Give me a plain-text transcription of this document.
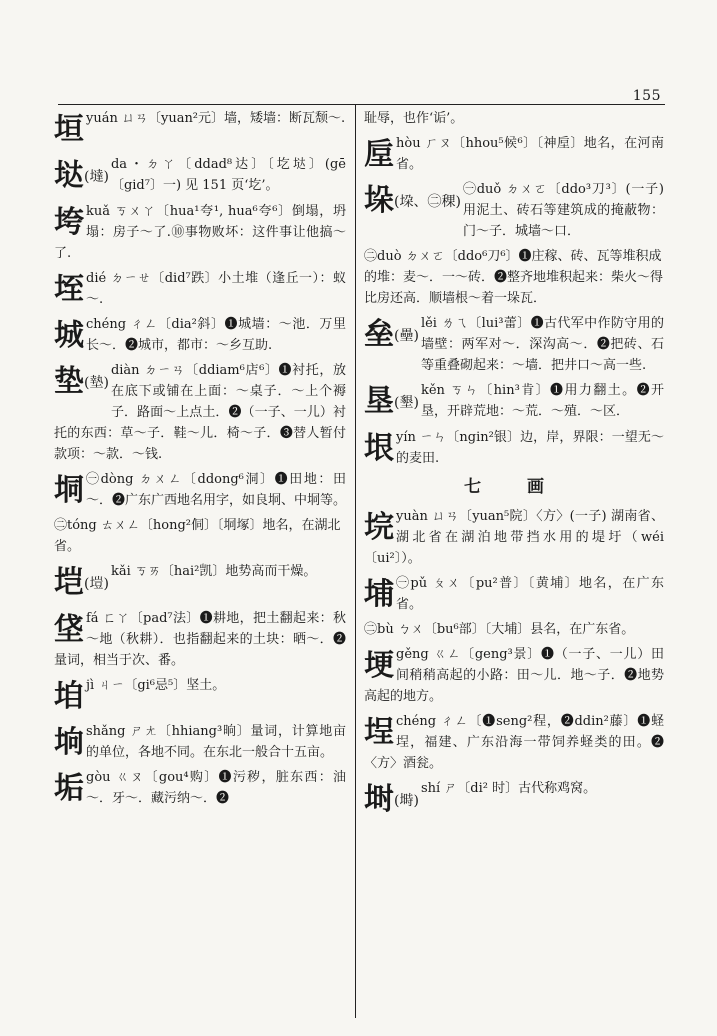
155
垣 yuán ㄩㄢ〔yuan²元〕墙，矮墙：断瓦颓～.
垯(墶)
da・ㄉㄚ〔ddad⁸达〕〔圪垯〕(gē〔gid⁷〕一) 见 151 页‘圪’。
垮 kuǎ ㄎㄨㄚ〔hua¹夸¹, hua⁶夸⁶〕倒塌，坍塌：房子～了.⑩事物败坏：这件事让他搞～了.
垤 dié ㄉㄧㄝ〔did⁷跌〕小土堆（逢丘一）：蚁～.
城 chéng ㄔㄥ〔dia²斜〕❶城墙：～池．万里长～．❷城市，都市：～乡互助.
垫(墊)
diàn ㄉㄧㄢ〔ddiam⁶店⁶〕❶衬托，放在底下或铺在上面：～桌子．～上个褥子．路面～上点土．❷（一子、一儿）衬托的东西：草～子．鞋～儿．椅～子．❸替人暂付款项：～款．～钱.
垌 ㊀dòng ㄉㄨㄥ〔ddong⁶洞〕❶田地：田～．❷广东广西地名用字，如良垌、中垌等。
㊁tóng ㄊㄨㄥ〔hong²侗〕〔垌塚〕地名，在湖北省。
垲(塏)
kǎi ㄎㄞ〔hai²凯〕地势高而干燥。
垡 fá ㄈㄚ〔pad⁷法〕❶耕地，把土翻起来：秋～地（秋耕）．也指翻起来的土块：晒～．❷量词，相当于次、番。
垍 jì ㄐㄧ〔gi⁶忌⁵〕坚土。
垧 shǎng ㄕㄤ〔hhiang³晌〕量词，计算地亩的单位，各地不同。在东北一般合十五亩。
垢 gòu ㄍㄡ〔gou⁴购〕❶污秽，脏东西：油～．牙～．藏污纳～．❷
耻辱，也作‘诟’。
垕 hòu ㄏㄡ〔hhou⁵候⁶〕〔神垕〕地名，在河南省。
垛(垜、㊁稞)
㊀duǒ ㄉㄨㄛ〔ddo³刀³〕(一子) 用泥土、砖石等建筑成的掩蔽物：门～子．城墙～口．
㊁duò ㄉㄨㄛ〔ddo⁶刀⁶〕❶庄稼、砖、瓦等堆积成的堆：麦～．一～砖．❷整齐地堆积起来：柴火～得比房还高．顺墙根～着一垛瓦．
垒(壘)
lěi ㄌㄟ〔lui³蕾〕❶古代军中作防守用的墙壁：两军对～．深沟高～．❷把砖、石等重叠砌起来：～墙．把井口～高一些.
垦(墾)
kěn ㄎㄣ〔hin³肯〕❶用力翻土。❷开垦，开辟荒地：～荒．～殖．～区．
垠 yín ㄧㄣ〔ngin²银〕边，岸，界限：一望无～的麦田.
七 画
垸 yuàn ㄩㄢ〔yuan⁵院〕〈方〉(一子) 湖南省、湖北省在湖泊地带挡水用的堤圩（wéi〔ui²〕）。
埔 ㊀pǔ ㄆㄨ〔pu²普〕〔黄埔〕地名，在广东省。
㊁bù ㄅㄨ〔bu⁶部〕〔大埔〕县名，在广东省。
埂 gěng ㄍㄥ〔geng³景〕❶（一子、一儿）田间稍稍高起的小路：田～儿．地～子．❷地势高起的地方。
埕 chéng ㄔㄥ〔❶seng²程，❷ddin²藤〕❶蛏埕，福建、广东沿海一带饲养蛏类的田。❷〈方〉酒瓮。
埘(塒)
shí ㄕ〔di² 时〕古代称鸡窝。
